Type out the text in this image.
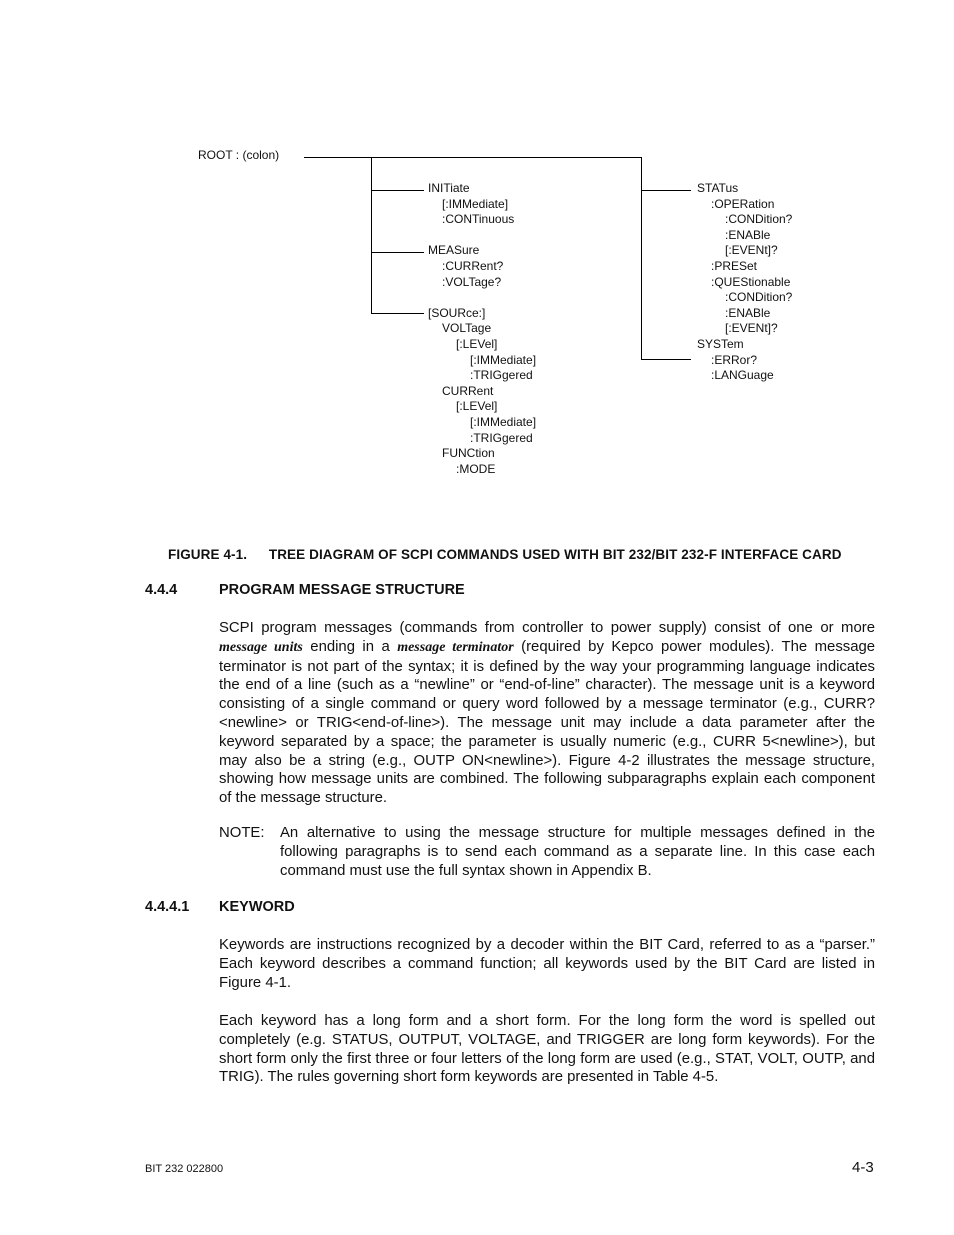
ROOT : (colon)
INITiate
[:IMMediate]
:CONTinuous
MEASure
:CURRent?
:VOLTage?
[SOURce:]
VOLTage
[:LEVel]
[:IMMediate]
:TRIGgered
CURRent
[:LEVel]
[:IMMediate]
:TRIGgered
FUNCtion
:MODE
STATus
:OPERation
:CONDition?
:ENABle
[:EVENt]?
:PRESet
:QUEStionable
:CONDition?
:ENABle
[:EVENt]?
SYSTem
:ERRor?
:LANGuage
FIGURE 4-1. TREE DIAGRAM OF SCPI COMMANDS USED WITH BIT 232/BIT 232-F INTERFACE CARD
4.4.4	PROGRAM MESSAGE STRUCTURE
SCPI program messages (commands from controller to power supply) consist of one or more message units ending in a message terminator (required by Kepco power modules). The message terminator is not part of the syntax; it is defined by the way your programming language indicates the end of a line (such as a “newline” or “end-of-line” character). The message unit is a keyword consisting of a single command or query word followed by a message terminator (e.g., CURR?<newline> or TRIG<end-of-line>). The message unit may include a data parameter after the keyword separated by a space; the parameter is usually numeric (e.g., CURR 5<newline>), but may also be a string (e.g., OUTP ON<newline>). Figure 4-2 illustrates the message structure, showing how message units are combined. The following subparagraphs explain each component of the message structure.
NOTE: An alternative to using the message structure for multiple messages defined in the following paragraphs is to send each command as a separate line. In this case each command must use the full syntax shown in Appendix B.
4.4.4.1 KEYWORD
Keywords are instructions recognized by a decoder within the BIT Card, referred to as a “parser.” Each keyword describes a command function; all keywords used by the BIT Card are listed in Figure 4-1.
Each keyword has a long form and a short form. For the long form the word is spelled out completely (e.g. STATUS, OUTPUT, VOLTAGE, and TRIGGER are long form keywords). For the short form only the first three or four letters of the long form are used (e.g., STAT, VOLT, OUTP, and TRIG). The rules governing short form keywords are presented in Table 4-5.
BIT 232 022800	4-3
